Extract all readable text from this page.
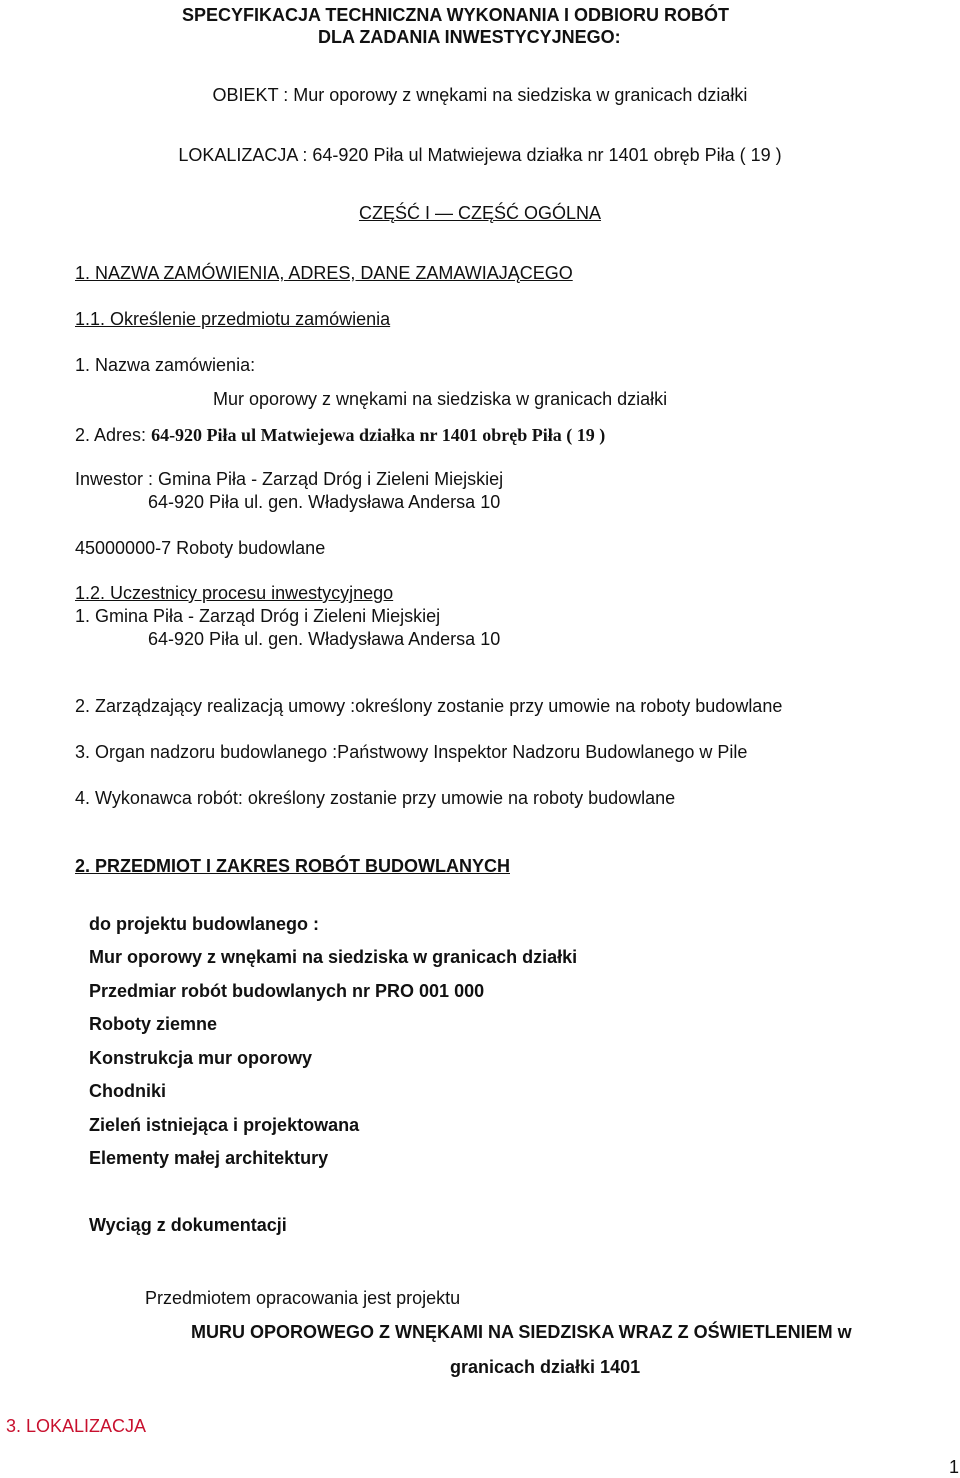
SPECYFIKACJA TECHNICZNA WYKONANIA I ODBIORU ROBÓT
DLA ZADANIA INWESTYCYJNEGO:
OBIEKT : Mur oporowy z wnękami na siedziska w granicach działki
LOKALIZACJA : 64-920 Piła ul Matwiejewa działka nr 1401 obręb Piła ( 19 )
CZĘŚĆ I — CZĘŚĆ OGÓLNA
1. NAZWA ZAMÓWIENIA, ADRES, DANE ZAMAWIAJĄCEGO
1.1. Określenie przedmiotu zamówienia
1. Nazwa zamówienia:
Mur oporowy z wnękami na siedziska w granicach działki
2. Adres: 64-920 Piła ul Matwiejewa działka nr 1401 obręb Piła ( 19 )
Inwestor : Gmina Piła - Zarząd Dróg i Zieleni Miejskiej
64-920 Piła ul. gen. Władysława Andersa 10
45000000-7 Roboty budowlane
1.2. Uczestnicy procesu inwestycyjnego
1. Gmina Piła - Zarząd Dróg i Zieleni Miejskiej
64-920 Piła ul. gen. Władysława Andersa 10
2. Zarządzający realizacją umowy :określony zostanie przy umowie na roboty budowlane
3. Organ nadzoru budowlanego :Państwowy Inspektor Nadzoru Budowlanego w Pile
4. Wykonawca robót: określony zostanie przy umowie na roboty budowlane
2. PRZEDMIOT I ZAKRES ROBÓT BUDOWLANYCH
do projektu budowlanego :
Mur oporowy z wnękami na siedziska w granicach działki
Przedmiar robót budowlanych nr PRO 001 000
Roboty ziemne
Konstrukcja mur oporowy
Chodniki
Zieleń istniejąca i projektowana
Elementy małej architektury
Wyciąg z dokumentacji
Przedmiotem opracowania jest projektu
MURU OPOROWEGO Z WNĘKAMI NA SIEDZISKA WRAZ Z OŚWIETLENIEM w
granicach działki 1401
3. LOKALIZACJA
1
